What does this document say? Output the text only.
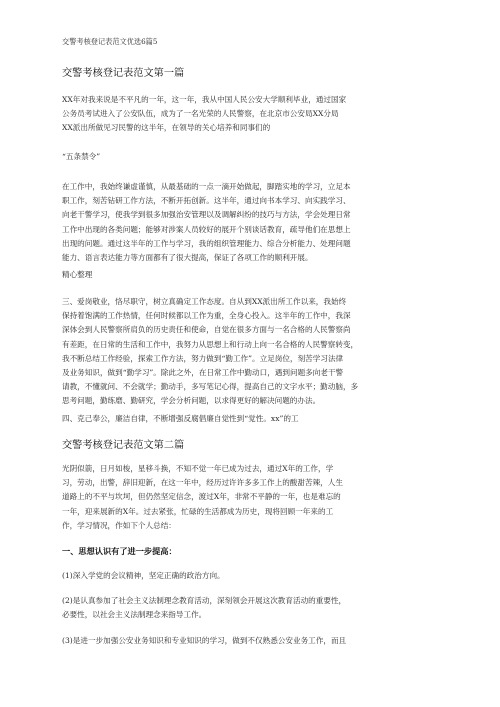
交警考核登记表范文优选6篇5
交警考核登记表范文第一篇
XX年对我来说是不平凡的一年，这一年，我从中国人民公安大学顺利毕业，通过国家
公务员考试进入了公安队伍，成为了一名光荣的人民警察，在北京市公安局XX分局
XX派出所做见习民警的这半年，在领导的关心培养和同事们的
“五条禁令”
在工作中，我始终谦虚谨慎，从最基础的一点一滴开始做起，脚踏实地的学习，立足本
职工作，刻苦钻研工作方法，不断开拓创新。这半年，通过向书本学习、向实践学习、
向老干警学习，使我学到很多加强治安管理以及调解纠纷的技巧与方法，学会处理日常
工作中出现的各类问题；能够对涉案人员较好的展开个别谈话教育，疏导他们在思想上
出现的问题。通过这半年的工作与学习，我的组织管理能力、综合分析能力、处理问题
能力、语言表达能力等方面都有了很大提高，保证了各项工作的顺利开展。
精心整理
三、爱岗敬业，恪尽职守，树立真确定工作态度。自从到XX派出所工作以来，我始终
保持着饱满的工作热情，任何时候都以工作为重，全身心投入。这半年的工作中，我深
深体会到人民警察所肩负的历史责任和使命，自觉在很多方面与一名合格的人民警察尚
有差距，在日常的生活和工作中，我努力从思想上和行动上向一名合格的人民警察转变，
我不断总结工作经验，探索工作方法，努力做到“勤工作”。立足岗位，刻苦学习法律
及业务知识，做到“勤学习”。除此之外，在日常工作中勤动口，遇到问题多向老干警
请教，不懂就问、不会就学；勤动手，多写笔记心得，提高自己的文字水平；勤动脑，多
思考问题，勤练磨、勤研究，学会分析问题，以求得更好的解决问题的办法。
四、克己奉公，廉洁自律，不断增强反腐倡廉自觉性到“觉性。xx”的工
交警考核登记表范文第二篇
光阴似箭，日月如梭，星移斗换，不知不觉一年已成为过去，通过X年的工作，学
习，劳动，出警，辞旧迎新，在这一年中，经历过许许多多工作上的酸甜苦辣，人生
道路上的不平与坎坷，但仍然坚定信念，渡过X年，非常不平静的一年，也是难忘的
一年，迎来展新的X年。过去紧张，忙碌的生活都成为历史，现将回顾一年来的工
作，学习情况，作如下个人总结：
一、思想认识有了进一步提高：
(1)深入学党的会议精神，坚定正确的政治方向。
(2)是认真参加了社会主义法制理念教育活动，深刻领会开展这次教育活动的重要性，
必要性，以社会主义法制理念来指导工作。
(3)是进一步加强公安业务知识和专业知识的学习，做到不仅熟悉公安业务工作，而且
